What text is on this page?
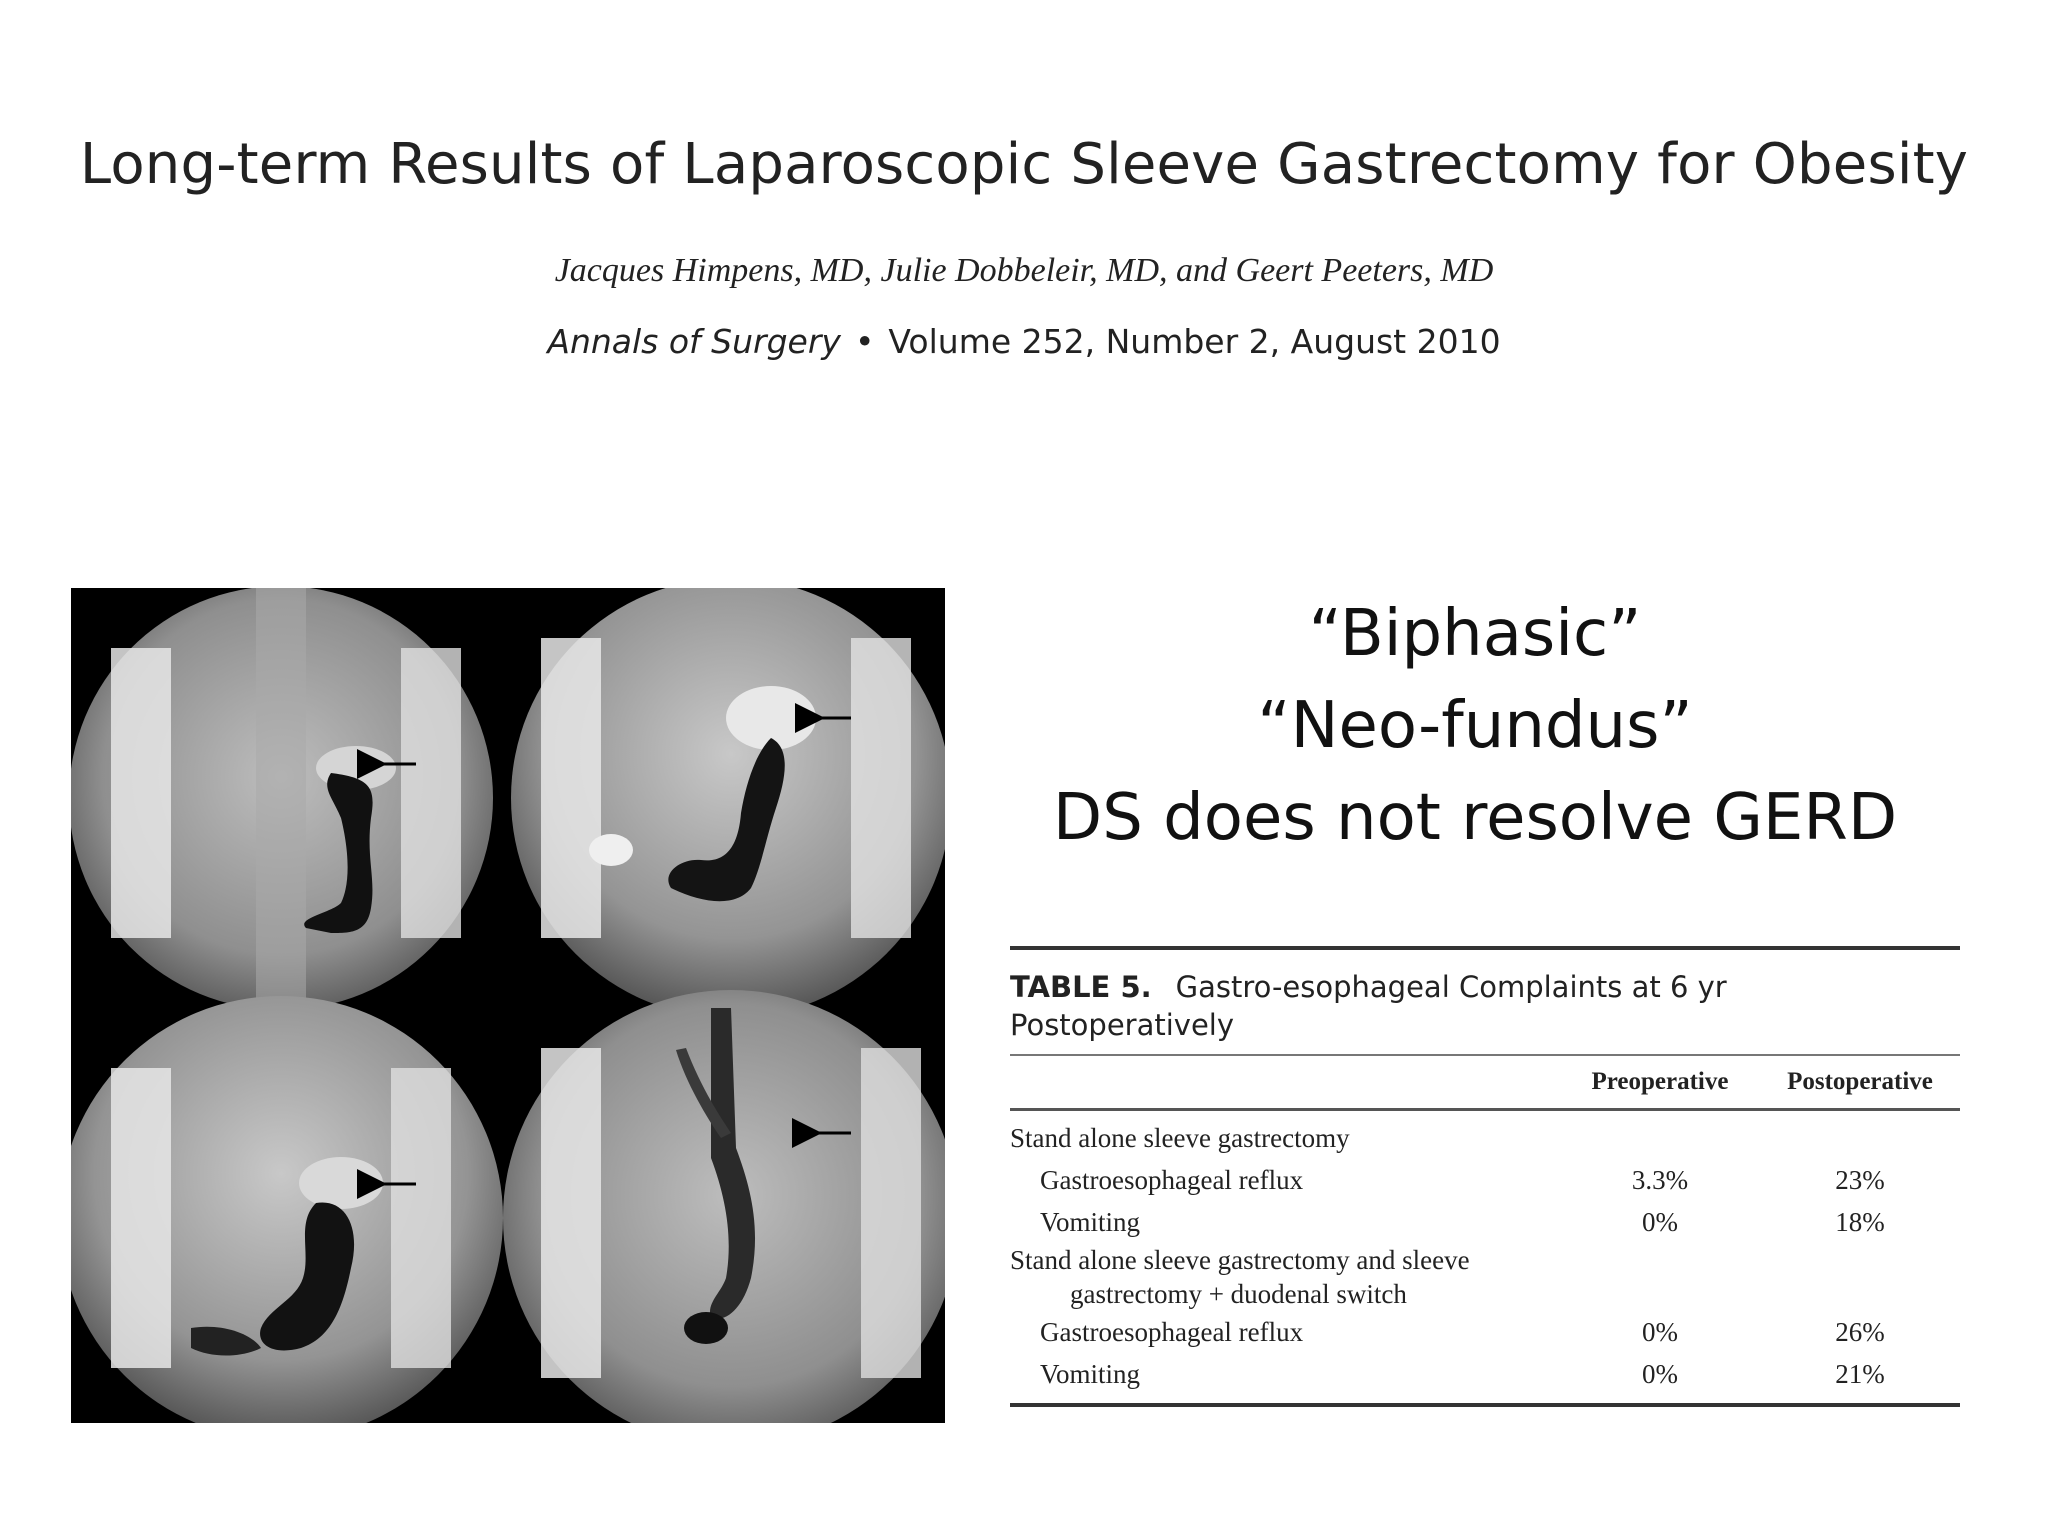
Long-term Results of Laparoscopic Sleeve Gastrectomy for Obesity
Jacques Himpens, MD, Julie Dobbeleir, MD, and Geert Peeters, MD
Annals of Surgery • Volume 252, Number 2, August 2010
“Biphasic”
“Neo-fundus”
DS does not resolve GERD
TABLE 5. Gastro-esophageal Complaints at 6 yr
Postoperatively
Preoperative	Postoperative
Stand alone sleeve gastrectomy
Gastroesophageal reflux	3.3%	23%
Vomiting	0%	18%
Stand alone sleeve gastrectomy and sleeve
gastrectomy + duodenal switch
Gastroesophageal reflux	0%	26%
Vomiting	0%	21%
